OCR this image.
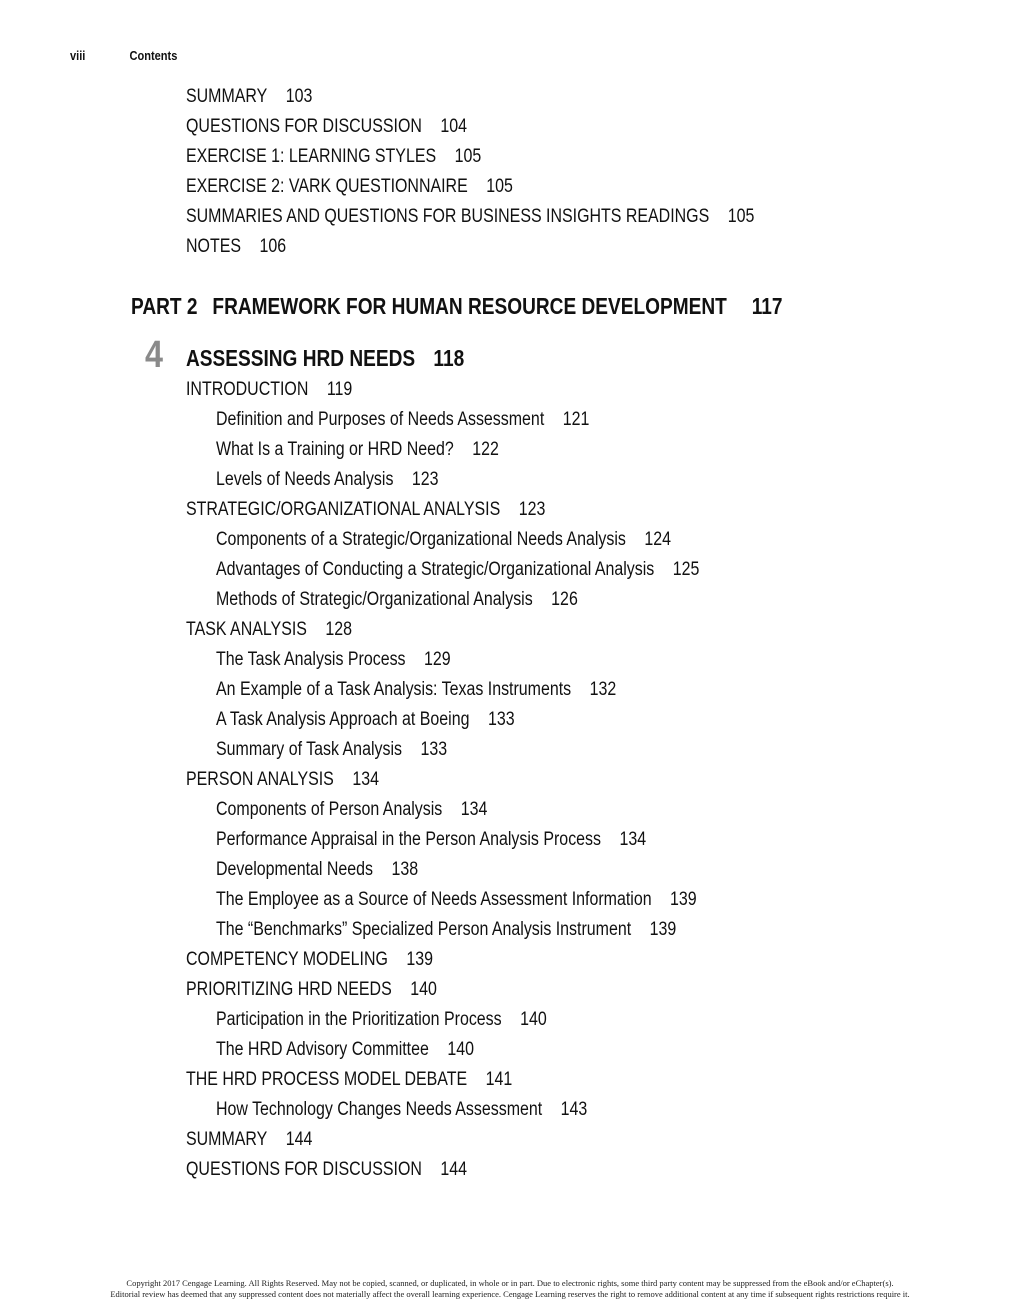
viii	Contents
SUMMARY 103
QUESTIONS FOR DISCUSSION 104
EXERCISE 1: LEARNING STYLES 105
EXERCISE 2: VARK QUESTIONNAIRE 105
SUMMARIES AND QUESTIONS FOR BUSINESS INSIGHTS READINGS 105
NOTES 106
PART 2 FRAMEWORK FOR HUMAN RESOURCE DEVELOPMENT 117
4 ASSESSING HRD NEEDS 118
INTRODUCTION 119
Definition and Purposes of Needs Assessment 121
What Is a Training or HRD Need? 122
Levels of Needs Analysis 123
STRATEGIC/ORGANIZATIONAL ANALYSIS 123
Components of a Strategic/Organizational Needs Analysis 124
Advantages of Conducting a Strategic/Organizational Analysis 125
Methods of Strategic/Organizational Analysis 126
TASK ANALYSIS 128
The Task Analysis Process 129
An Example of a Task Analysis: Texas Instruments 132
A Task Analysis Approach at Boeing 133
Summary of Task Analysis 133
PERSON ANALYSIS 134
Components of Person Analysis 134
Performance Appraisal in the Person Analysis Process 134
Developmental Needs 138
The Employee as a Source of Needs Assessment Information 139
The “Benchmarks” Specialized Person Analysis Instrument 139
COMPETENCY MODELING 139
PRIORITIZING HRD NEEDS 140
Participation in the Prioritization Process 140
The HRD Advisory Committee 140
THE HRD PROCESS MODEL DEBATE 141
How Technology Changes Needs Assessment 143
SUMMARY 144
QUESTIONS FOR DISCUSSION 144
Copyright 2017 Cengage Learning. All Rights Reserved. May not be copied, scanned, or duplicated, in whole or in part. Due to electronic rights, some third party content may be suppressed from the eBook and/or eChapter(s).
Editorial review has deemed that any suppressed content does not materially affect the overall learning experience. Cengage Learning reserves the right to remove additional content at any time if subsequent rights restrictions require it.
